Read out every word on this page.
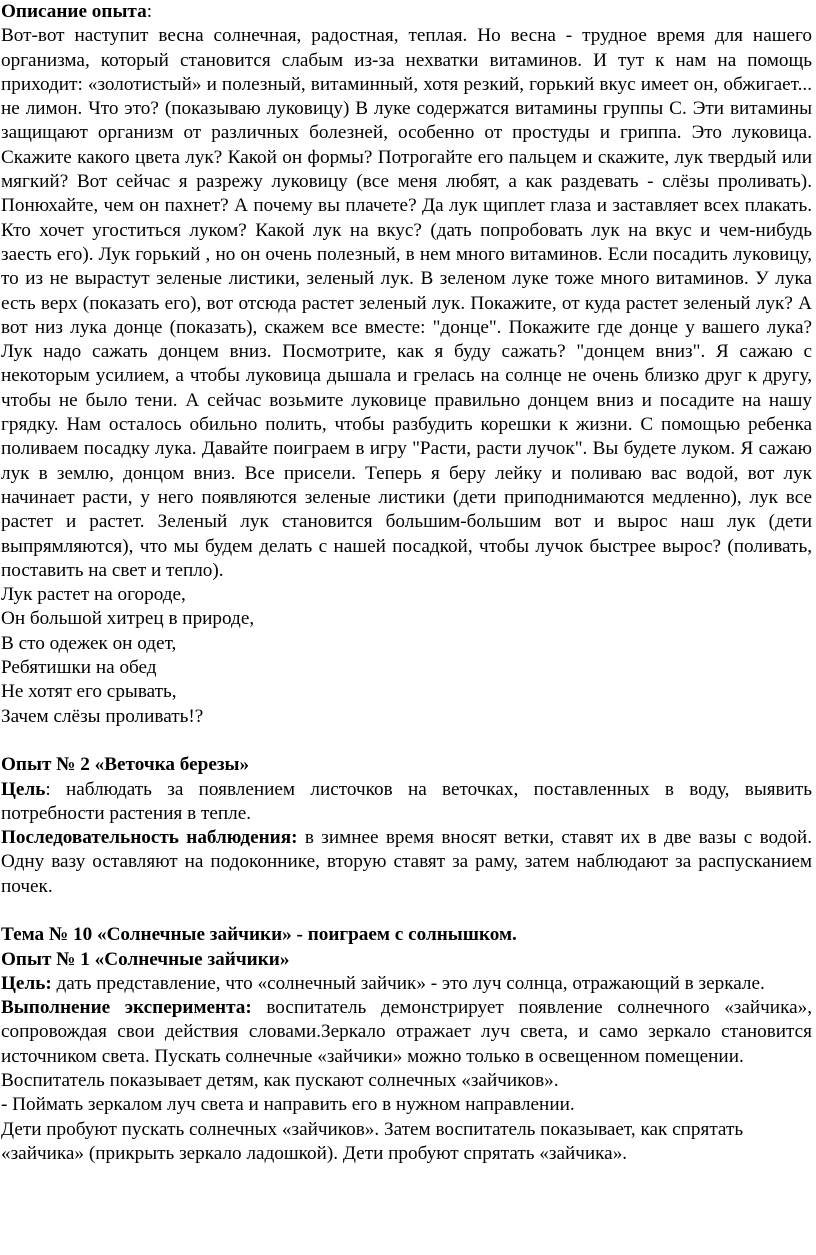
Описание опыта:

Вот-вот наступит весна солнечная, радостная, теплая. Но весна - трудное время для нашего организма, который становится слабым из-за нехватки витаминов. И тут к нам на помощь приходит: «золотистый» и полезный, витаминный, хотя резкий, горький вкус имеет он, обжигает... не лимон. Что это? (показываю луковицу) В луке содержатся витамины группы С. Эти витамины защищают организм от различных болезней, особенно от простуды и гриппа. Это луковица. Скажите какого цвета лук? Какой он формы? Потрогайте его пальцем и скажите, лук твердый или мягкий? Вот сейчас я разрежу луковицу (все меня любят, а как раздевать - слёзы проливать). Понюхайте, чем он пахнет? А почему вы плачете? Да лук щиплет глаза и заставляет всех плакать. Кто хочет угоститься луком? Какой лук на вкус? (дать попробовать лук на вкус и чем-нибудь заесть его). Лук горький , но он очень полезный, в нем много витаминов. Если посадить луковицу, то из не вырастут зеленые листики, зеленый лук. В зеленом луке тоже много витаминов. У лука есть верх (показать его), вот отсюда растет зеленый лук. Покажите, от куда растет зеленый лук? А вот низ лука донце (показать), скажем все вместе: "донце". Покажите где донце у вашего лука? Лук надо сажать донцем вниз. Посмотрите, как я буду сажать? "донцем вниз". Я сажаю с некоторым усилием, а чтобы луковица дышала и грелась на солнце не очень близко друг к другу, чтобы не было тени. А сейчас возьмите луковице правильно донцем вниз и посадите на нашу грядку. Нам осталось обильно полить, чтобы разбудить корешки к жизни. С помощью ребенка поливаем посадку лука. Давайте поиграем в игру "Расти, расти лучок". Вы будете луком. Я сажаю лук в землю, донцом вниз. Все присели. Теперь я беру лейку и поливаю вас водой, вот лук начинает расти, у него появляются зеленые листики (дети приподнимаются медленно), лук все растет и растет. Зеленый лук становится большим-большим вот и вырос наш лук (дети выпрямляются), что мы будем делать с нашей посадкой, чтобы лучок быстрее вырос? (поливать, поставить на свет и тепло).

Лук растет на огороде,

Он большой хитрец в природе,

В сто одежек он одет,

Ребятишки на обед

Не хотят его срывать,

Зачем слёзы проливать!?

Опыт № 2 «Веточка березы»

Цель: наблюдать за появлением листочков на веточках, поставленных в воду, выявить потребности растения в тепле.

Последовательность наблюдения: в зимнее время вносят ветки, ставят их в две вазы с водой. Одну вазу оставляют на подоконнике, вторую ставят за раму, затем наблюдают за распусканием почек.

Тема № 10 «Солнечные зайчики» - поиграем с солнышком.

Опыт № 1 «Солнечные зайчики»

Цель: дать представление, что «солнечный зайчик» - это луч солнца, отражающий в зеркале.

Выполнение эксперимента: воспитатель демонстрирует появление солнечного «зайчика», сопровождая свои действия словами.Зеркало отражает луч света, и само зеркало становится источником света. Пускать солнечные «зайчики» можно только в освещенном помещении.

Воспитатель показывает детям, как пускают солнечных «зайчиков».

- Поймать зеркалом луч света и направить его в нужном направлении.

Дети пробуют пускать солнечных «зайчиков». Затем воспитатель показывает, как спрятать «зайчика» (прикрыть зеркало ладошкой). Дети пробуют спрятать «зайчика».
